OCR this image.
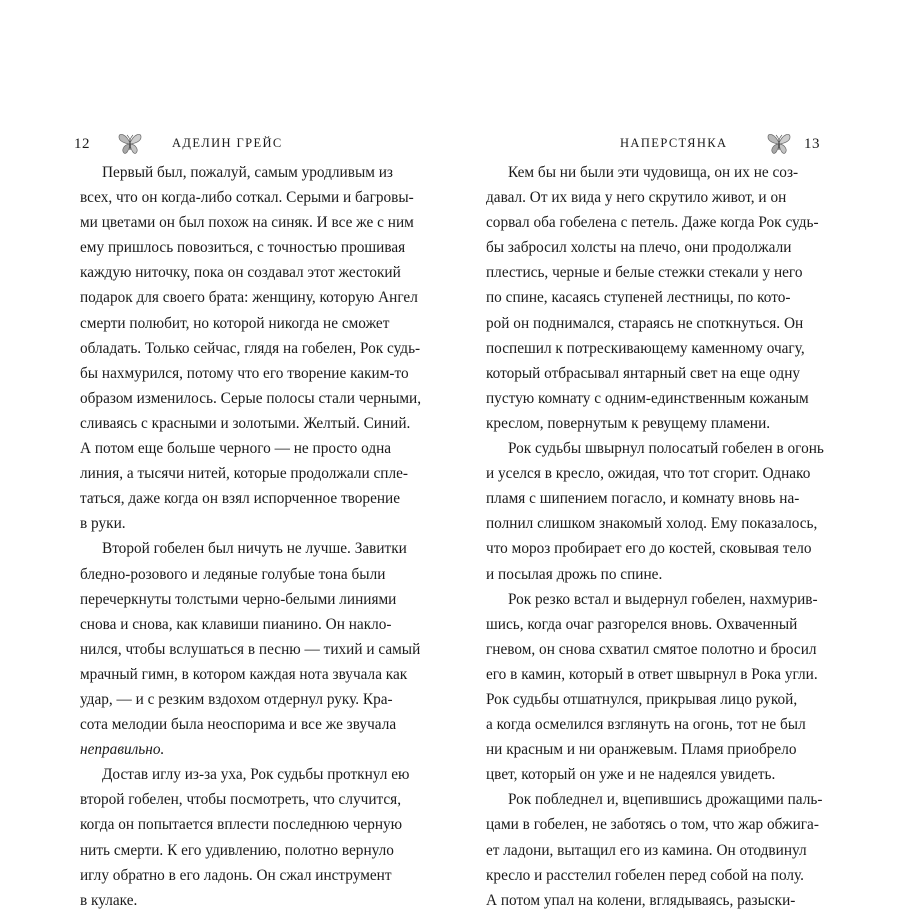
12	АДЕЛИН ГРЕЙС
Первый был, пожалуй, самым уродливым из
всех, что он когда-либо соткал. Серыми и багровы-
ми цветами он был похож на синяк. И все же с ним
ему пришлось повозиться, с точностью прошивая
каждую ниточку, пока он создавал этот жестокий
подарок для своего брата: женщину, которую Ангел
смерти полюбит, но которой никогда не сможет
обладать. Только сейчас, глядя на гобелен, Рок судь-
бы нахмурился, потому что его творение каким-то
образом изменилось. Серые полосы стали черными,
сливаясь с красными и золотыми. Желтый. Синий.
А потом еще больше черного — не просто одна
линия, а тысячи нитей, которые продолжали спле-
таться, даже когда он взял испорченное творение
в руки.
Второй гобелен был ничуть не лучше. Завитки
бледно-розового и ледяные голубые тона были
перечеркнуты толстыми черно-белыми линиями
снова и снова, как клавиши пианино. Он накло-
нился, чтобы вслушаться в песню — тихий и самый
мрачный гимн, в котором каждая нота звучала как
удар, — и с резким вздохом отдернул руку. Кра-
сота мелодии была неоспорима и все же звучала
неправильно.
Достав иглу из-за уха, Рок судьбы проткнул ею
второй гобелен, чтобы посмотреть, что случится,
когда он попытается вплести последнюю черную
нить смерти. К его удивлению, полотно вернуло
иглу обратно в его ладонь. Он сжал инструмент
в кулаке.
НАПЕРСТЯНКА	13
Кем бы ни были эти чудовища, он их не соз-
давал. От их вида у него скрутило живот, и он
сорвал оба гобелена с петель. Даже когда Рок судь-
бы забросил холсты на плечо, они продолжали
плестись, черные и белые стежки стекали у него
по спине, касаясь ступеней лестницы, по кото-
рой он поднимался, стараясь не споткнуться. Он
поспешил к потрескивающему каменному очагу,
который отбрасывал янтарный свет на еще одну
пустую комнату с одним-единственным кожаным
креслом, повернутым к ревущему пламени.
Рок судьбы швырнул полосатый гобелен в огонь
и уселся в кресло, ожидая, что тот сгорит. Однако
пламя с шипением погасло, и комнату вновь на-
полнил слишком знакомый холод. Ему показалось,
что мороз пробирает его до костей, сковывая тело
и посылая дрожь по спине.
Рок резко встал и выдернул гобелен, нахмурив-
шись, когда очаг разгорелся вновь. Охваченный
гневом, он снова схватил смятое полотно и бросил
его в камин, который в ответ швырнул в Рока угли.
Рок судьбы отшатнулся, прикрывая лицо рукой,
а когда осмелился взглянуть на огонь, тот не был
ни красным и ни оранжевым. Пламя приобрело
цвет, который он уже и не надеялся увидеть.
Рок побледнел и, вцепившись дрожащими паль-
цами в гобелен, не заботясь о том, что жар обжига-
ет ладони, вытащил его из камина. Он отодвинул
кресло и расстелил гобелен перед собой на полу.
А потом упал на колени, вглядываясь, разыски-
